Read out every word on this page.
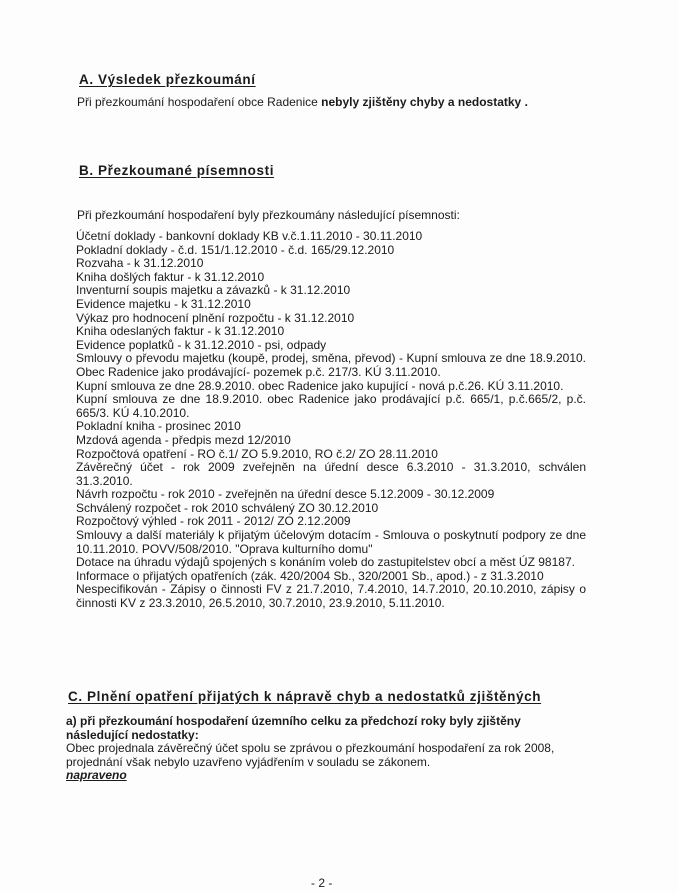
A. Výsledek přezkoumání
Při přezkoumání hospodaření obce Radenice nebyly zjištěny chyby a nedostatky .
B. Přezkoumané písemnosti
Při přezkoumání hospodaření byly přezkoumány následující písemnosti:
Účetní doklady - bankovní doklady KB v.č.1.11.2010 - 30.11.2010
Pokladní doklady - č.d. 151/1.12.2010 - č.d. 165/29.12.2010
Rozvaha - k 31.12.2010
Kniha došlých faktur - k 31.12.2010
Inventurní soupis majetku a závazků - k 31.12.2010
Evidence majetku - k 31.12.2010
Výkaz pro hodnocení plnění rozpočtu - k 31.12.2010
Kniha odeslaných faktur - k 31.12.2010
Evidence poplatků - k 31.12.2010 - psi, odpady
Smlouvy o převodu majetku (koupě, prodej, směna, převod) - Kupní smlouva ze dne 18.9.2010. Obec Radenice jako prodávající- pozemek p.č. 217/3. KÚ 3.11.2010.
Kupní smlouva ze dne 28.9.2010. obec Radenice jako kupující - nová p.č.26. KÚ 3.11.2010.
Kupní smlouva ze dne 18.9.2010. obec Radenice jako prodávající p.č. 665/1, p.č.665/2, p.č. 665/3. KÚ 4.10.2010.
Pokladní kniha - prosinec 2010
Mzdová agenda - předpis mezd 12/2010
Rozpočtová opatření - RO č.1/ ZO 5.9.2010, RO č.2/ ZO 28.11.2010
Závěrečný účet - rok 2009 zveřejněn na úřední desce 6.3.2010 - 31.3.2010, schválen 31.3.2010.
Návrh rozpočtu - rok 2010 - zveřejněn na úřední desce 5.12.2009 - 30.12.2009
Schválený rozpočet - rok 2010 schválený ZO 30.12.2010
Rozpočtový výhled - rok 2011 - 2012/ ZO 2.12.2009
Smlouvy a další materiály k přijatým účelovým dotacím - Smlouva o poskytnutí podpory ze dne 10.11.2010. POVV/508/2010. "Oprava kulturního domu"
Dotace na úhradu výdajů spojených s konáním voleb do zastupitelstev obcí a měst ÚZ 98187.
Informace o přijatých opatřeních (zák. 420/2004 Sb., 320/2001 Sb., apod.) - z 31.3.2010
Nespecifikován - Zápisy o činnosti FV z 21.7.2010, 7.4.2010, 14.7.2010, 20.10.2010, zápisy o činnosti KV z 23.3.2010, 26.5.2010, 30.7.2010, 23.9.2010, 5.11.2010.
C. Plnění opatření přijatých k nápravě chyb a nedostatků zjištěných
a) při přezkoumání hospodaření územního celku za předchozí roky byly zjištěny následující nedostatky:
Obec projednala závěrečný účet spolu se zprávou o přezkoumání hospodaření za rok 2008, projednání však nebylo uzavřeno vyjádřením v souladu se zákonem.
napraveno
- 2 -
